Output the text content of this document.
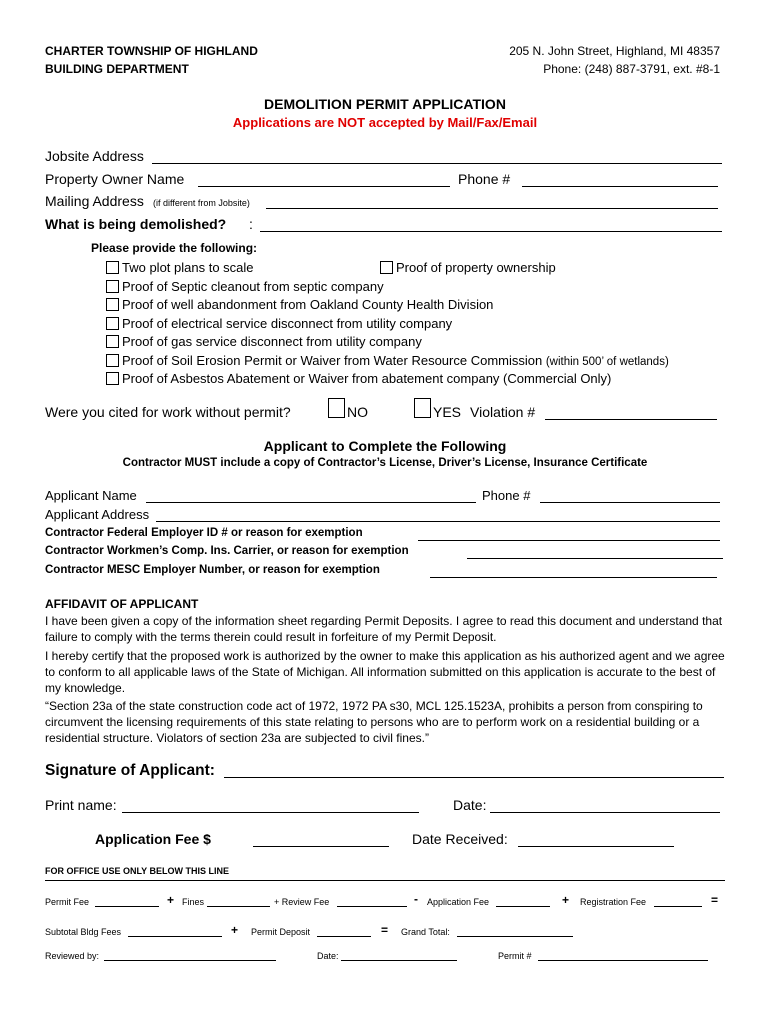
CHARTER TOWNSHIP OF HIGHLAND
BUILDING DEPARTMENT
205 N. John Street, Highland, MI 48357
Phone: (248) 887-3791, ext. #8-1
DEMOLITION PERMIT APPLICATION
Applications are NOT accepted by Mail/Fax/Email
Jobsite Address
Property Owner Name	Phone #
Mailing Address (if different from Jobsite)
What is being demolished? :
Please provide the following:
Two plot plans to scale	Proof of property ownership
Proof of Septic cleanout from septic company
Proof of well abandonment from Oakland County Health Division
Proof of electrical service disconnect from utility company
Proof of gas service disconnect from utility company
Proof of Soil Erosion Permit or Waiver from Water Resource Commission (within 500’ of wetlands)
Proof of Asbestos Abatement or Waiver from abatement company (Commercial Only)
Were you cited for work without permit?	NO	YES Violation #
Applicant to Complete the Following
Contractor MUST include a copy of Contractor’s License, Driver’s License, Insurance Certificate
Applicant Name	Phone #
Applicant Address
Contractor Federal Employer ID # or reason for exemption
Contractor Workmen’s Comp. Ins. Carrier, or reason for exemption
Contractor MESC Employer Number, or reason for exemption
AFFIDAVIT OF APPLICANT
I have been given a copy of the information sheet regarding Permit Deposits. I agree to read this document and understand that failure to comply with the terms therein could result in forfeiture of my Permit Deposit.
I hereby certify that the proposed work is authorized by the owner to make this application as his authorized agent and we agree to conform to all applicable laws of the State of Michigan. All information submitted on this application is accurate to the best of my knowledge.
“Section 23a of the state construction code act of 1972, 1972 PA s30, MCL 125.1523A, prohibits a person from conspiring to circumvent the licensing requirements of this state relating to persons who are to perform work on a residential building or a residential structure. Violators of section 23a are subjected to civil fines.”
Signature of Applicant:
Print name:	Date:
Application Fee $	Date Received:
FOR OFFICE USE ONLY BELOW THIS LINE
Permit Fee	+ Fines	+ Review Fee	- Application Fee	+ Registration Fee	=
Subtotal Bldg Fees	+ Permit Deposit	= Grand Total:
Reviewed by:	Date:	Permit #
